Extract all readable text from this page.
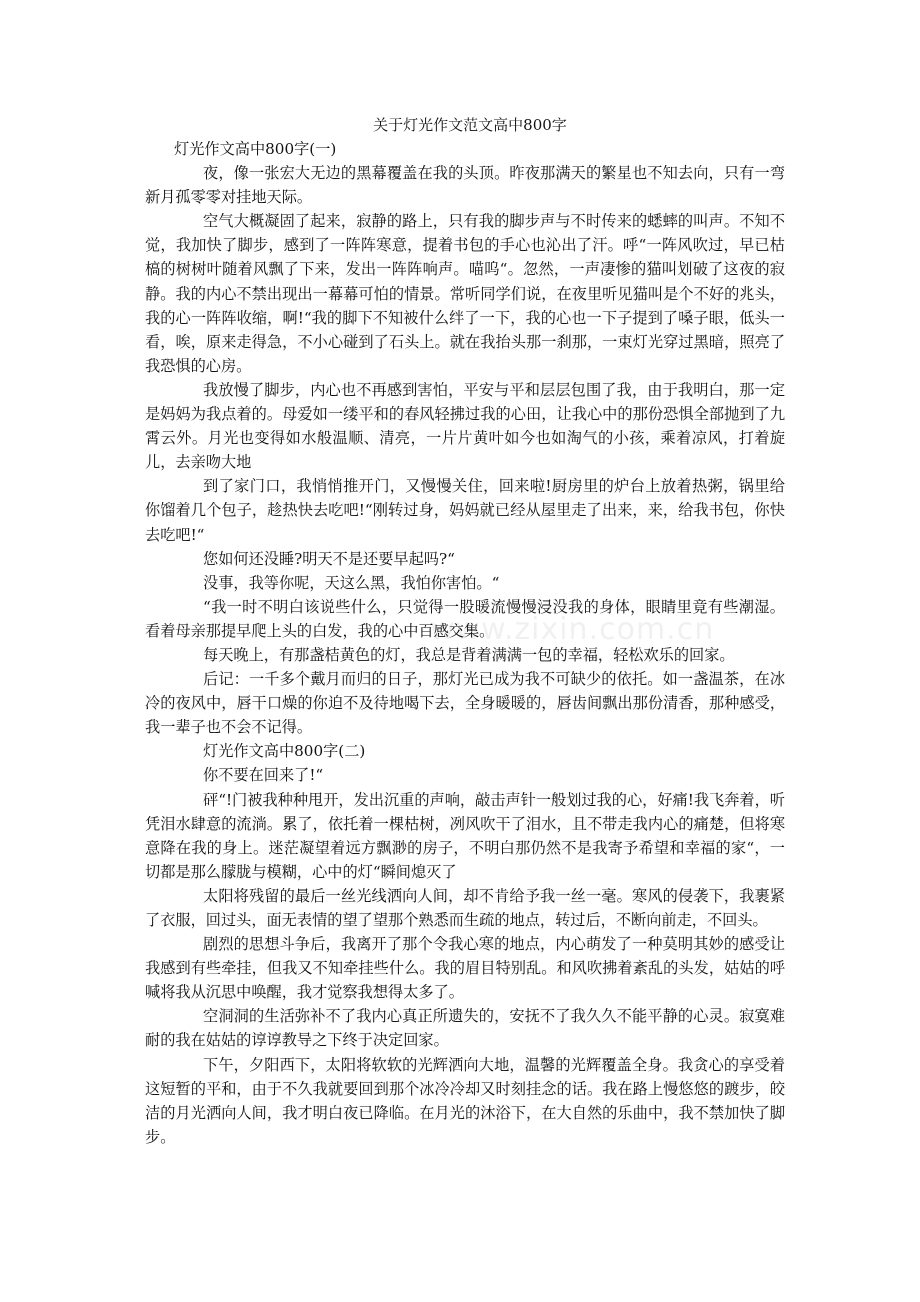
www.zixin.com.cn
关于灯光作文范文高中800字
灯光作文高中800字(一)

夜，像一张宏大无边的黑幕覆盖在我的头顶。昨夜那满天的繁星也不知去向，只有一弯新月孤零零对挂地天际。

空气大概凝固了起来，寂静的路上，只有我的脚步声与不时传来的蟋蟀的叫声。不知不觉，我加快了脚步，感到了一阵阵寒意，提着书包的手心也沁出了汗。呼“一阵风吹过，早已枯槁的树树叶随着风飘了下来，发出一阵阵响声。喵呜“。忽然，一声凄惨的猫叫划破了这夜的寂静。我的内心不禁出现出一幕幕可怕的情景。常听同学们说，在夜里听见猫叫是个不好的兆头，我的心一阵阵收缩，啊!“我的脚下不知被什么绊了一下，我的心也一下子提到了嗓子眼，低头一看，唉，原来走得急，不小心碰到了石头上。就在我抬头那一刹那，一束灯光穿过黑暗，照亮了我恐惧的心房。

我放慢了脚步，内心也不再感到害怕，平安与平和层层包围了我，由于我明白，那一定是妈妈为我点着的。母爱如一缕平和的春风轻拂过我的心田，让我心中的那份恐惧全部抛到了九霄云外。月光也变得如水般温顺、清亮，一片片黄叶如今也如淘气的小孩，乘着凉风，打着旋儿，去亲吻大地

到了家门口，我悄悄推开门，又慢慢关住，回来啦!厨房里的炉台上放着热粥，锅里给你馏着几个包子，趁热快去吃吧!“刚转过身，妈妈就已经从屋里走了出来，来，给我书包，你快去吃吧!“

您如何还没睡?明天不是还要早起吗?“

没事，我等你呢，天这么黑，我怕你害怕。“

“我一时不明白该说些什么，只觉得一股暖流慢慢浸没我的身体，眼睛里竟有些潮湿。看着母亲那提早爬上头的白发，我的心中百感交集。

每天晚上，有那盏桔黄色的灯，我总是背着满满一包的幸福，轻松欢乐的回家。

后记：一千多个戴月而归的日子，那灯光已成为我不可缺少的依托。如一盏温茶，在冰冷的夜风中，唇干口燥的你迫不及待地喝下去，全身暖暖的，唇齿间飘出那份清香，那种感受，我一辈子也不会不记得。

灯光作文高中800字(二)

你不要在回来了!“

砰“!门被我种种甩开，发出沉重的声响，敲击声针一般划过我的心，好痛!我飞奔着，听凭泪水肆意的流淌。累了，依托着一棵枯树，冽风吹干了泪水，且不带走我内心的痛楚，但将寒意降在我的身上。迷茫凝望着远方飘渺的房子，不明白那仍然不是我寄予希望和幸福的家“，一切都是那么朦胧与模糊，心中的灯“瞬间熄灭了

太阳将残留的最后一丝光线洒向人间，却不肯给予我一丝一毫。寒风的侵袭下，我裹紧了衣服，回过头，面无表情的望了望那个熟悉而生疏的地点，转过后，不断向前走，不回头。

剧烈的思想斗争后，我离开了那个令我心寒的地点，内心萌发了一种莫明其妙的感受让我感到有些牵挂，但我又不知牵挂些什么。我的眉目特别乱。和风吹拂着紊乱的头发，姑姑的呼喊将我从沉思中唤醒，我才觉察我想得太多了。

空洞洞的生活弥补不了我内心真正所遗失的，安抚不了我久久不能平静的心灵。寂寞难耐的我在姑姑的谆谆教导之下终于决定回家。

下午，夕阳西下，太阳将软软的光辉洒向大地，温馨的光辉覆盖全身。我贪心的享受着这短暂的平和，由于不久我就要回到那个冰冷冷却又时刻挂念的话。我在路上慢悠悠的踱步，皎洁的月光洒向人间，我才明白夜已降临。在月光的沐浴下，在大自然的乐曲中，我不禁加快了脚步。
